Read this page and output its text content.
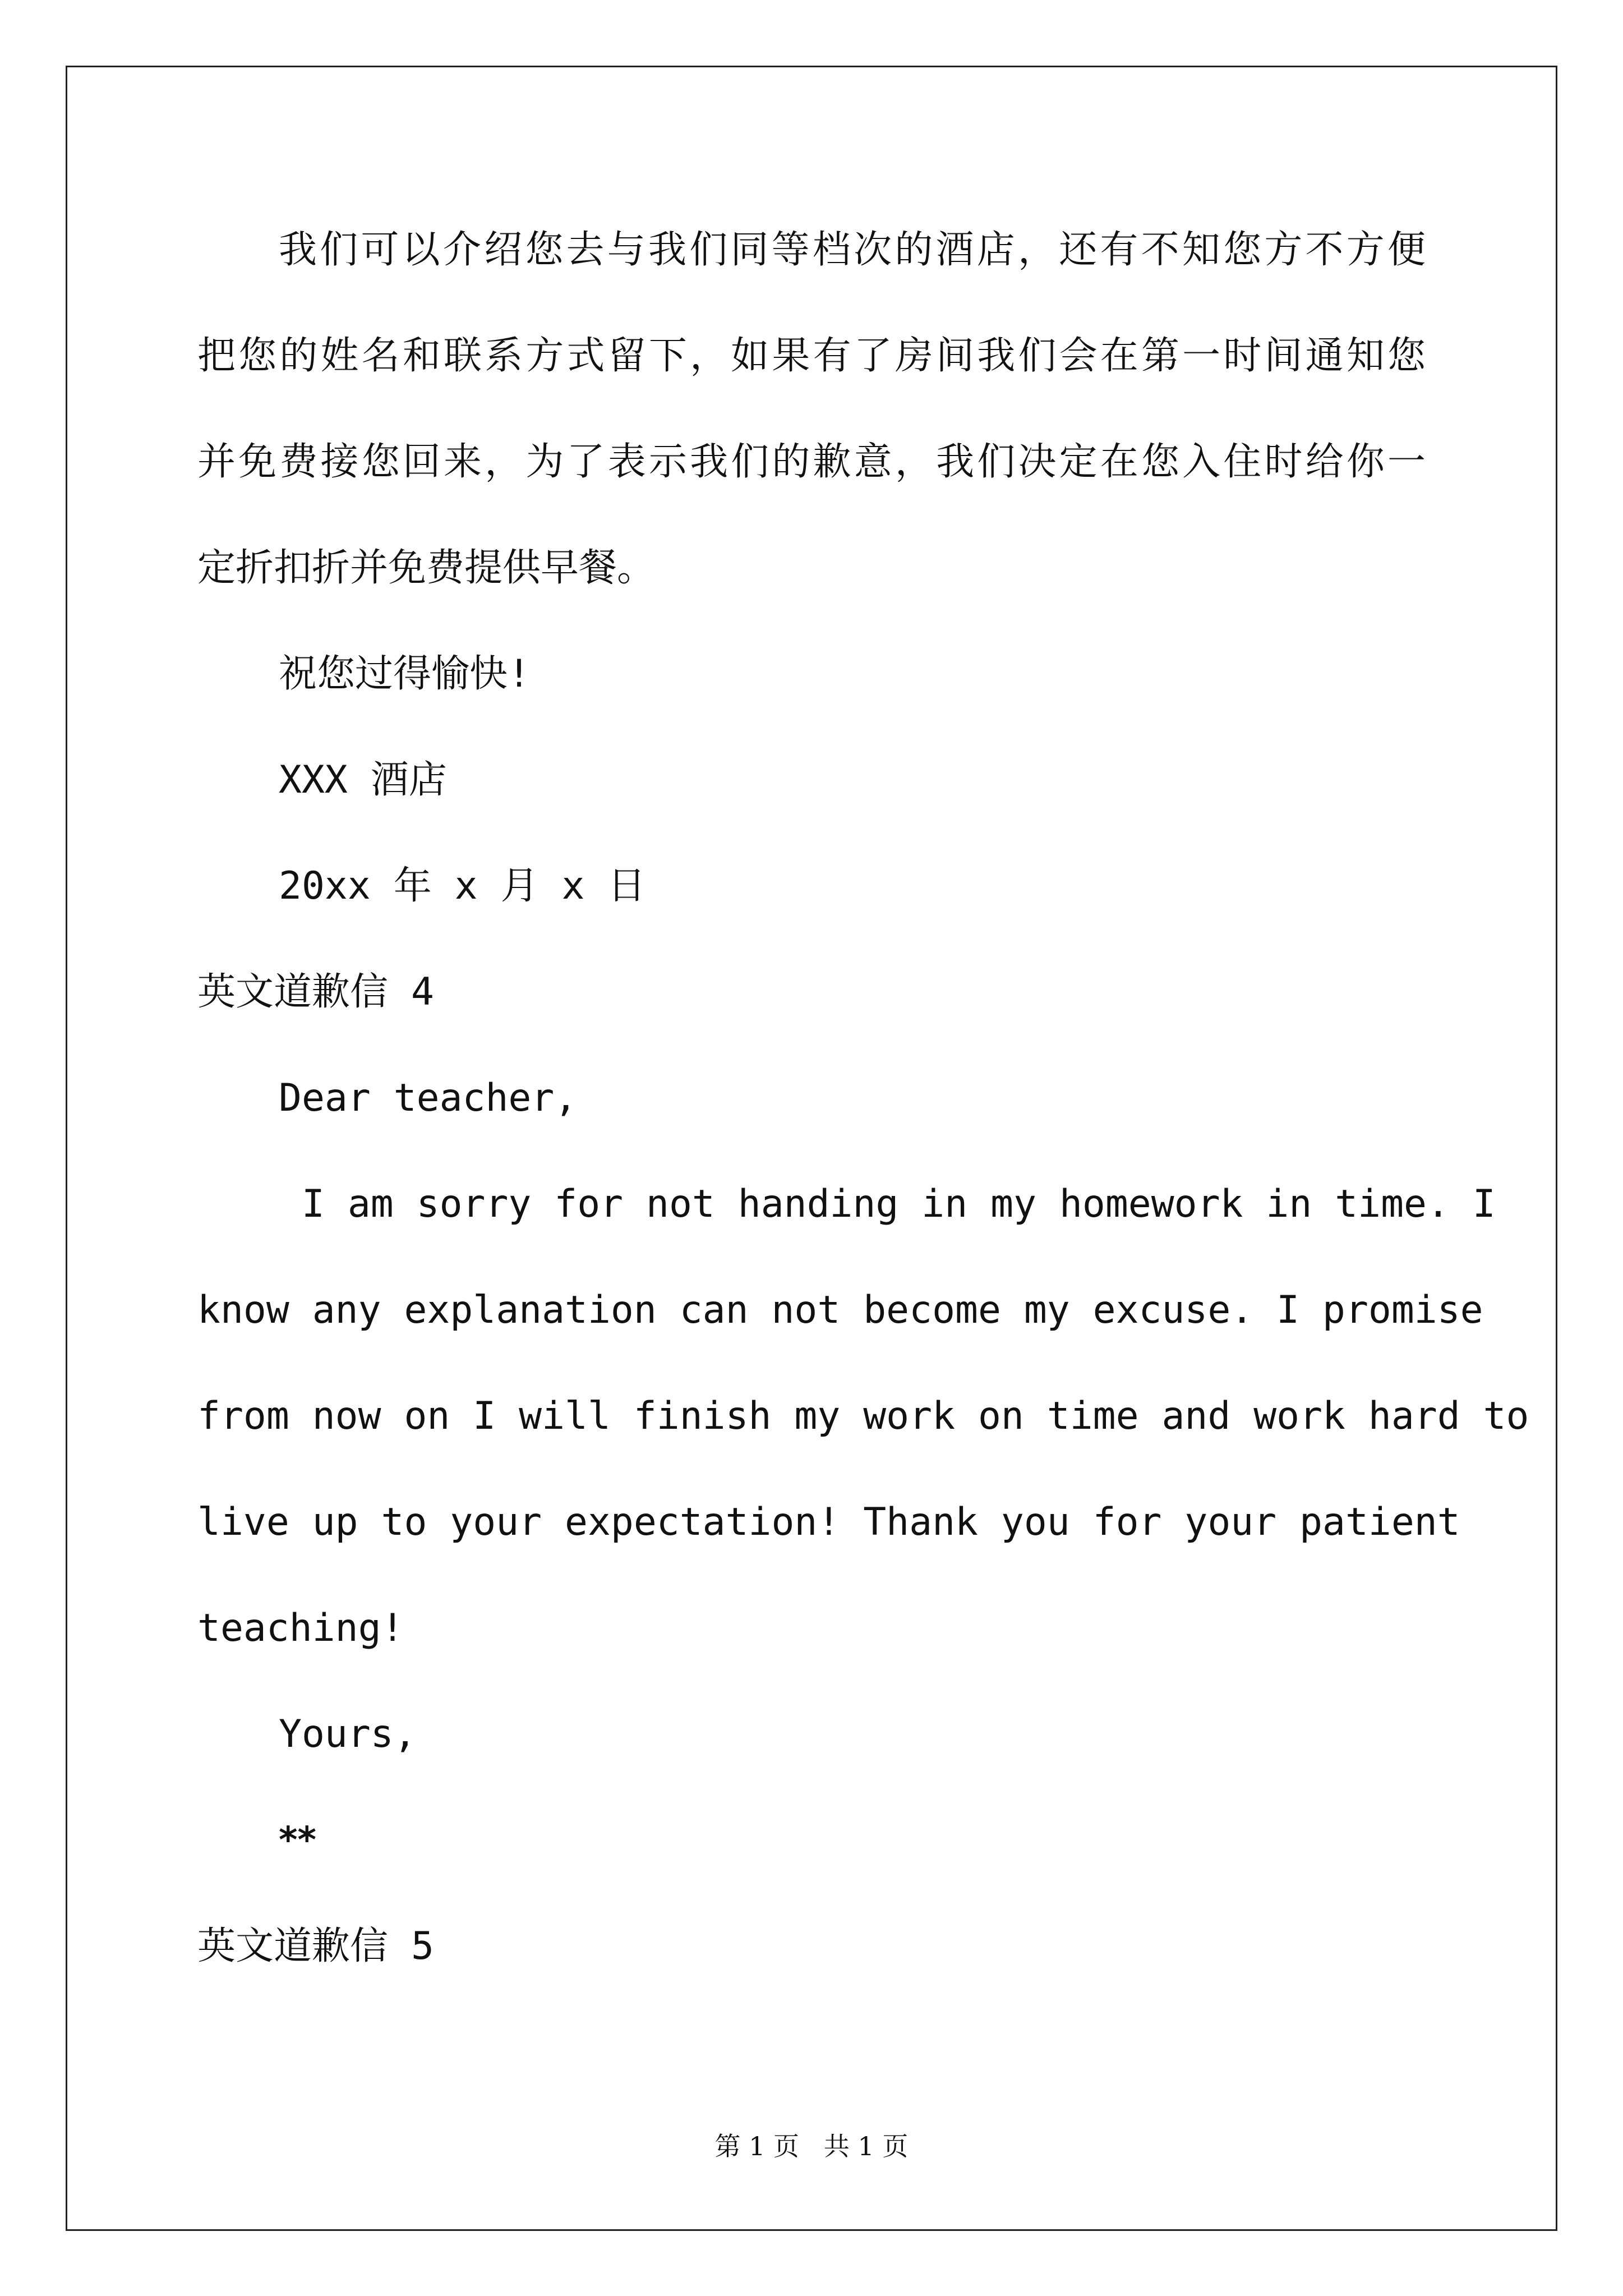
我们可以介绍您去与我们同等档次的酒店，还有不知您方不方便
把您的姓名和联系方式留下，如果有了房间我们会在第一时间通知您
并免费接您回来，为了表示我们的歉意，我们决定在您入住时给你一
定折扣折并免费提供早餐。
祝您过得愉快!
XXX 酒店
20xx 年 x 月 x 日
英文道歉信 4
Dear teacher,
I am sorry for not handing in my homework in time. I
know any explanation can not become my excuse. I promise
from now on I will finish my work on time and work hard to
live up to your expectation! Thank you for your patient
teaching!
Yours,
**
英文道歉信 5
第 1 页   共 1 页
